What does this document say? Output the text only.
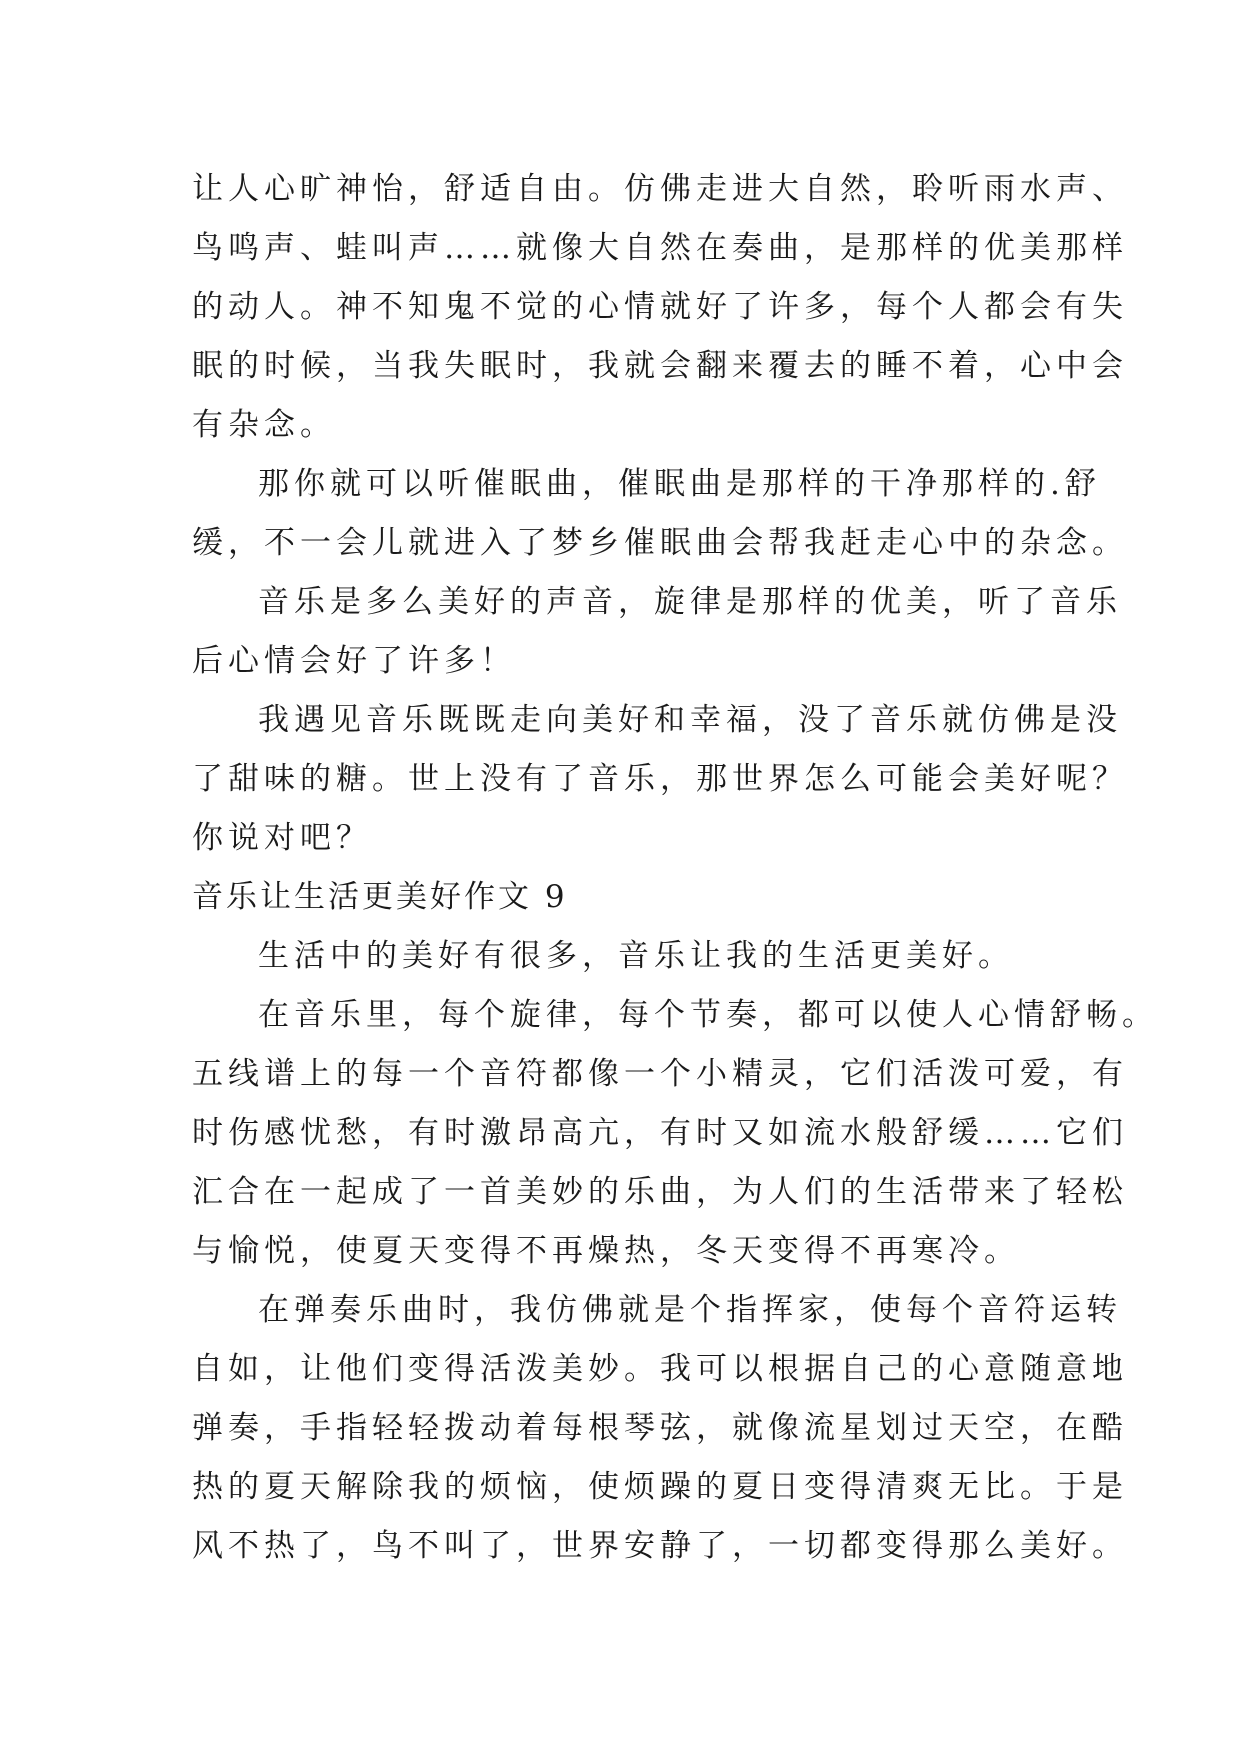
让人心旷神怡，舒适自由。仿佛走进大自然，聆听雨水声、
鸟鸣声、蛙叫声……就像大自然在奏曲，是那样的优美那样
的动人。神不知鬼不觉的心情就好了许多，每个人都会有失
眠的时候，当我失眠时，我就会翻来覆去的睡不着，心中会
有杂念。
那你就可以听催眠曲，催眠曲是那样的干净那样的.舒
缓，不一会儿就进入了梦乡催眠曲会帮我赶走心中的杂念。
音乐是多么美好的声音，旋律是那样的优美，听了音乐
后心情会好了许多！
我遇见音乐既既走向美好和幸福，没了音乐就仿佛是没
了甜味的糖。世上没有了音乐，那世界怎么可能会美好呢？
你说对吧？
音乐让生活更美好作文 9
生活中的美好有很多，音乐让我的生活更美好。
在音乐里，每个旋律，每个节奏，都可以使人心情舒畅。
五线谱上的每一个音符都像一个小精灵，它们活泼可爱，有
时伤感忧愁，有时激昂高亢，有时又如流水般舒缓……它们
汇合在一起成了一首美妙的乐曲，为人们的生活带来了轻松
与愉悦，使夏天变得不再燥热，冬天变得不再寒冷。
在弹奏乐曲时，我仿佛就是个指挥家，使每个音符运转
自如，让他们变得活泼美妙。我可以根据自己的心意随意地
弹奏，手指轻轻拨动着每根琴弦，就像流星划过天空，在酷
热的夏天解除我的烦恼，使烦躁的夏日变得清爽无比。于是
风不热了，鸟不叫了，世界安静了，一切都变得那么美好。
